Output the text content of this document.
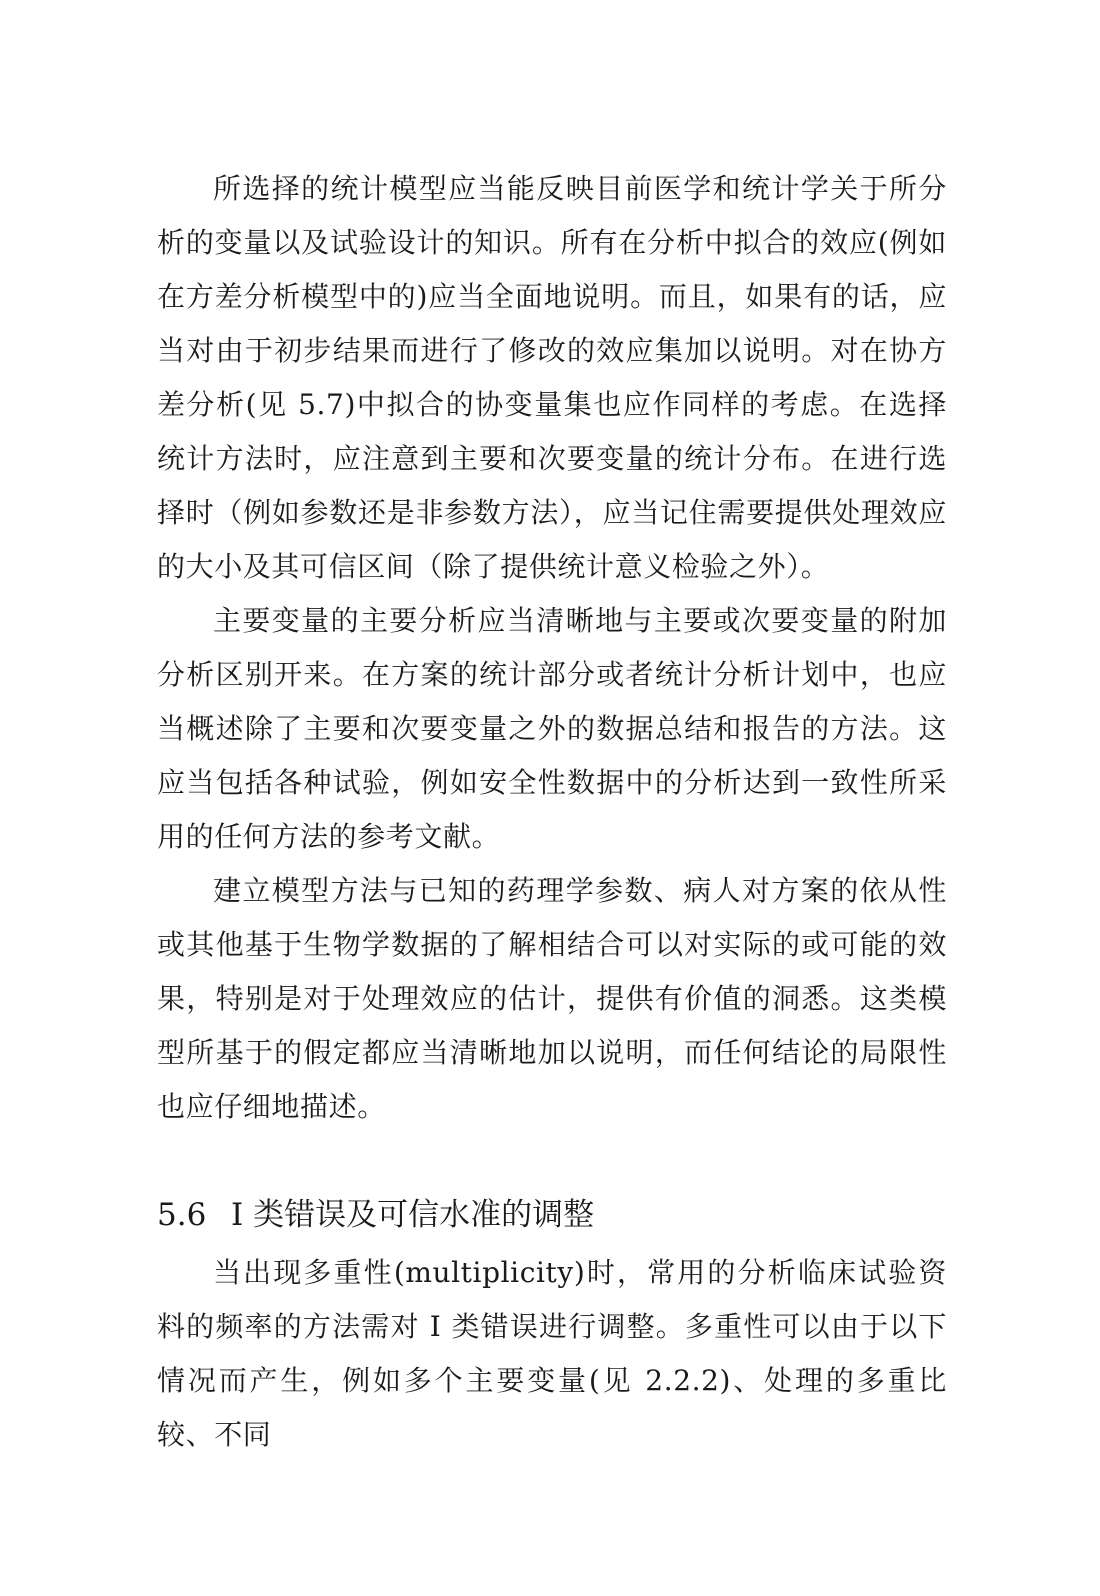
所选择的统计模型应当能反映目前医学和统计学关于所分析的变量以及试验设计的知识。所有在分析中拟合的效应(例如在方差分析模型中的)应当全面地说明。而且，如果有的话，应当对由于初步结果而进行了修改的效应集加以说明。对在协方差分析(见 5.7)中拟合的协变量集也应作同样的考虑。在选择统计方法时，应注意到主要和次要变量的统计分布。在进行选择时（例如参数还是非参数方法），应当记住需要提供处理效应的大小及其可信区间（除了提供统计意义检验之外）。

主要变量的主要分析应当清晰地与主要或次要变量的附加分析区别开来。在方案的统计部分或者统计分析计划中，也应当概述除了主要和次要变量之外的数据总结和报告的方法。这应当包括各种试验，例如安全性数据中的分析达到一致性所采用的任何方法的参考文献。

建立模型方法与已知的药理学参数、病人对方案的依从性或其他基于生物学数据的了解相结合可以对实际的或可能的效果，特别是对于处理效应的估计，提供有价值的洞悉。这类模型所基于的假定都应当清晰地加以说明，而任何结论的局限性也应仔细地描述。

5.6 I 类错误及可信水准的调整

当出现多重性(multiplicity)时，常用的分析临床试验资料的频率的方法需对 I 类错误进行调整。多重性可以由于以下情况而产生，例如多个主要变量(见 2.2.2)、处理的多重比较、不同
